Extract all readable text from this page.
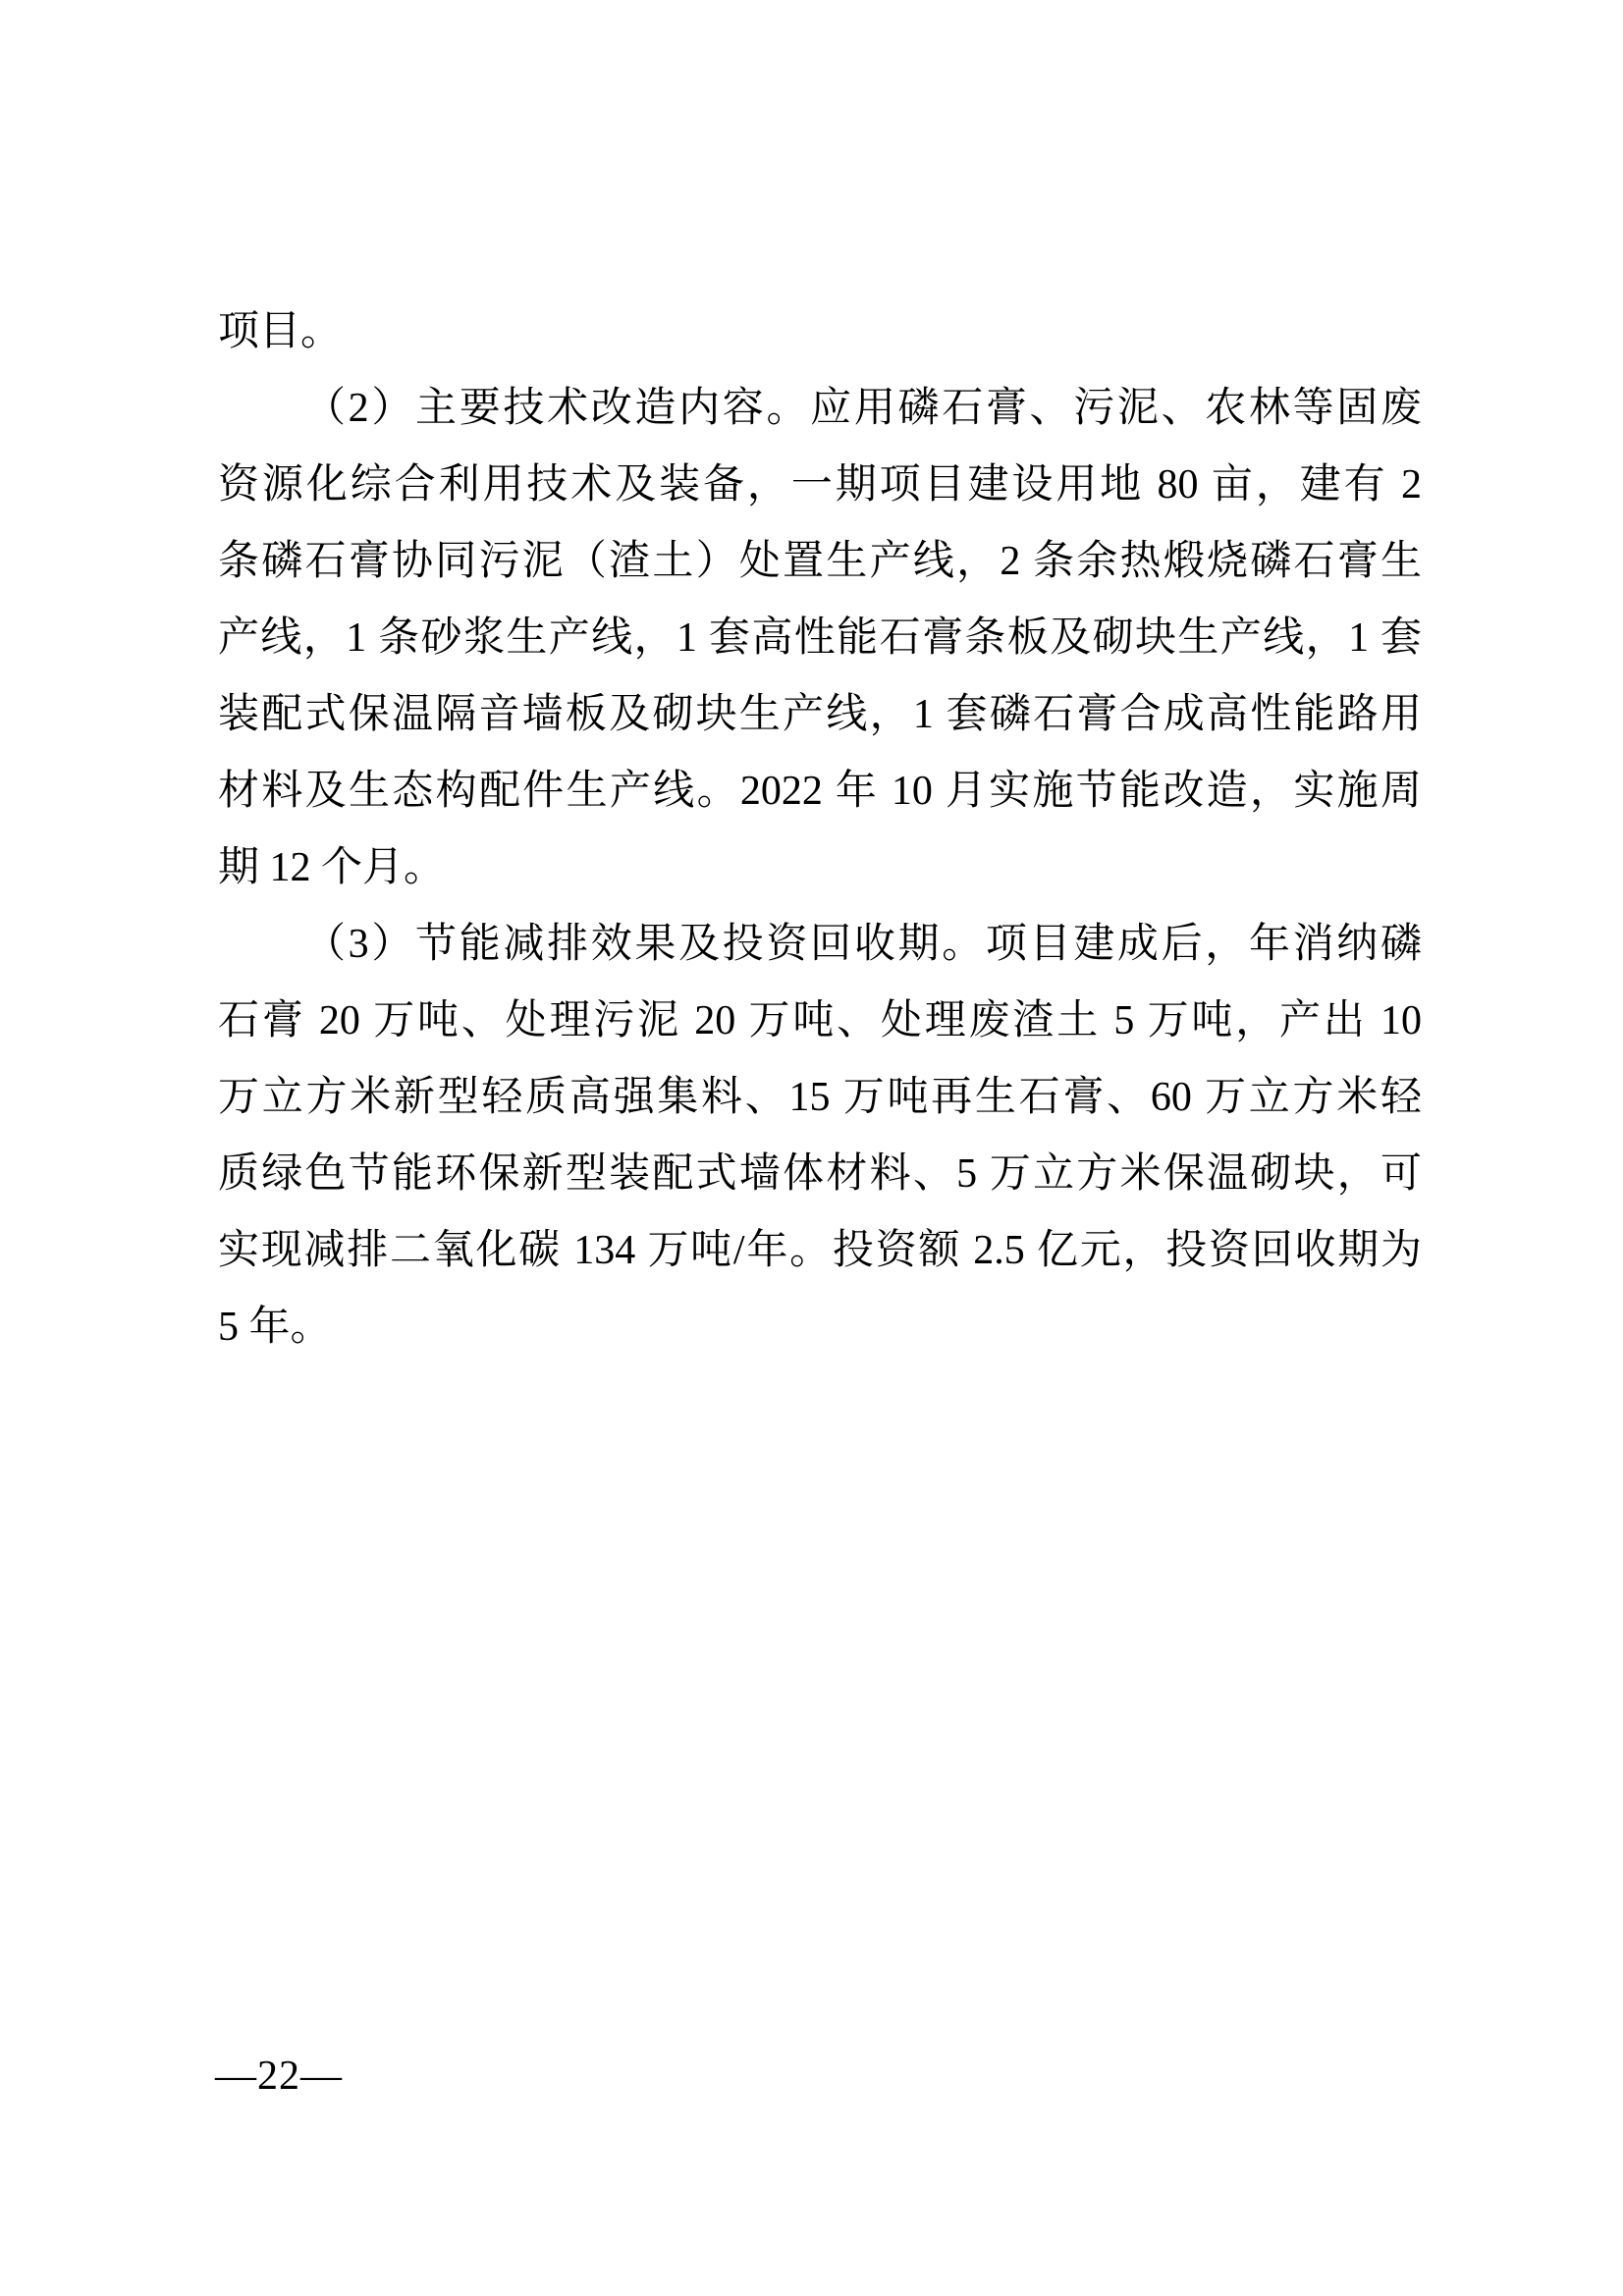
项目。
（2）主要技术改造内容。应用磷石膏、污泥、农林等固废
资源化综合利用技术及装备，一期项目建设用地 80 亩，建有 2
条磷石膏协同污泥（渣土）处置生产线，2 条余热煅烧磷石膏生
产线，1 条砂浆生产线，1 套高性能石膏条板及砌块生产线，1 套
装配式保温隔音墙板及砌块生产线，1 套磷石膏合成高性能路用
材料及生态构配件生产线。2022 年 10 月实施节能改造，实施周
期 12 个月。
（3）节能减排效果及投资回收期。项目建成后，年消纳磷
石膏 20 万吨、处理污泥 20 万吨、处理废渣土 5 万吨，产出 10
万立方米新型轻质高强集料、15 万吨再生石膏、60 万立方米轻
质绿色节能环保新型装配式墙体材料、5 万立方米保温砌块，可
实现减排二氧化碳 134 万吨/年。投资额 2.5 亿元，投资回收期为
5 年。
—22—
